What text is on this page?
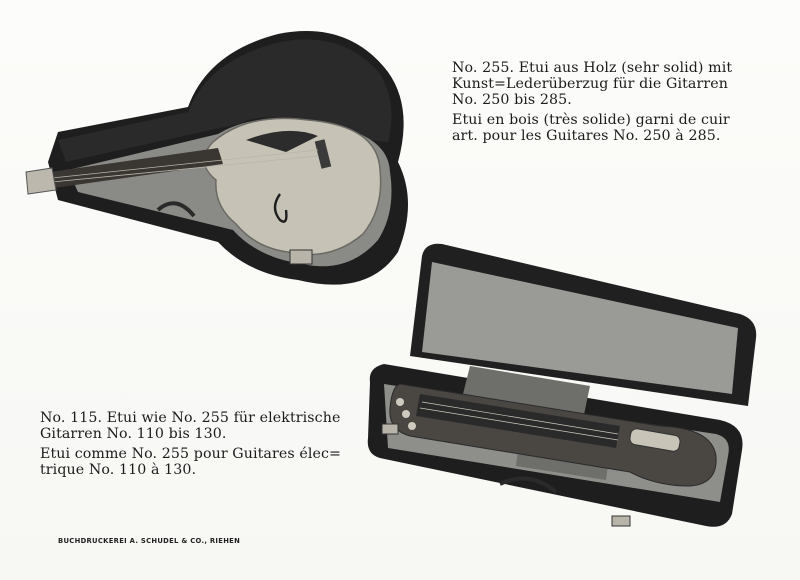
No. 255. Etui aus Holz (sehr solid) mit Kunst=Lederüberzug für die Gitarren No. 250 bis 285.

Etui en bois (très solide) garni de cuir art. pour les Guitares No. 250 à 285.

No. 115. Etui wie No. 255 für elektrische Gitarren No. 110 bis 130.

Etui comme No. 255 pour Guitares élec= trique No. 110 à 130.

BUCHDRUCKEREI A. SCHUDEL & CO., RIEHEN
